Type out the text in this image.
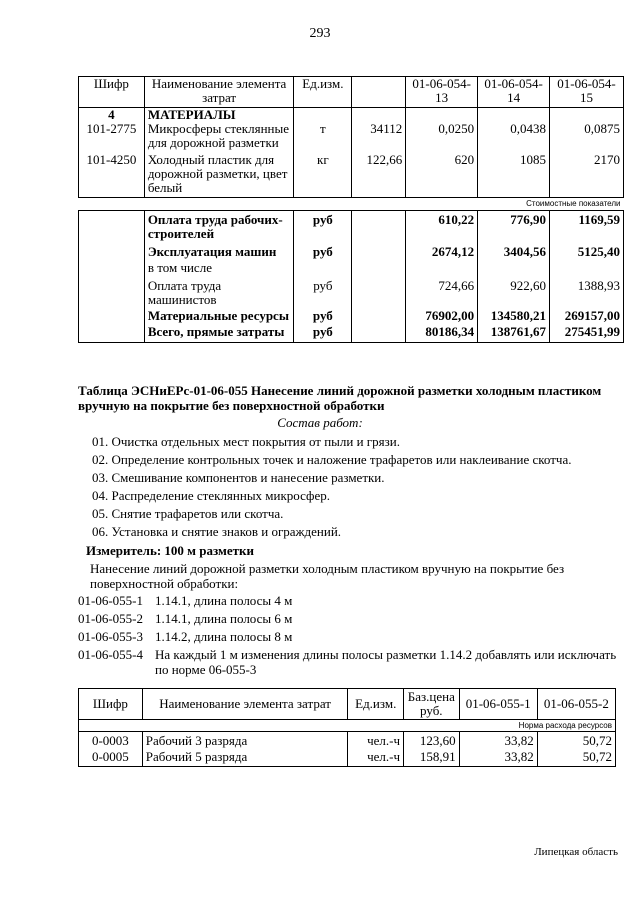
293
Шифр	Наименование элемента затрат	Ед.изм.		01-06-054-13	01-06-054-14	01-06-054-15
4	МАТЕРИАЛЫ					
101-2775	Микросферы стеклянные для дорожной разметки	т	34112	0,0250	0,0438	0,0875
101-4250	Холодный пластик для дорожной разметки, цвет белый	кг	122,66	620	1085	2170
Стоимостные показатели						
	Оплата труда рабочих-строителей	руб		610,22	776,90	1169,59
	Эксплуатация машин	руб		2674,12	3404,56	5125,40
	в том числе					
	Оплата труда машинистов	руб		724,66	922,60	1388,93
	Материальные ресурсы	руб		76902,00	134580,21	269157,00
	Всего, прямые затраты	руб		80186,34	138761,67	275451,99
Таблица ЭСНиЕРс-01-06-055 Нанесение линий дорожной разметки холодным пластиком
вручную на покрытие без поверхностной обработки
Состав работ:
01. Очистка отдельных мест покрытия от пыли и грязи.
02. Определение контрольных точек и наложение трафаретов или наклеивание скотча.
03. Смешивание компонентов и нанесение разметки.
04. Распределение стеклянных микросфер.
05. Снятие трафаретов или скотча.
06. Установка и снятие знаков и ограждений.
Измеритель: 100 м разметки
Нанесение линий дорожной разметки холодным пластиком вручную на покрытие без
поверхностной обработки:
01-06-055-1 1.14.1, длина полосы 4 м
01-06-055-2 1.14.1, длина полосы 6 м
01-06-055-3 1.14.2, длина полосы 8 м
01-06-055-4 На каждый 1 м изменения длины полосы разметки 1.14.2 добавлять или исключать
по норме 06-055-3
Шифр	Наименование элемента затрат	Ед.изм.	Баз.цена руб.	01-06-055-1	01-06-055-2
Норма расхода ресурсов					
0-0003	Рабочий 3 разряда	чел.-ч	123,60	33,82	50,72
0-0005	Рабочий 5 разряда	чел.-ч	158,91	33,82	50,72
Липецкая область
